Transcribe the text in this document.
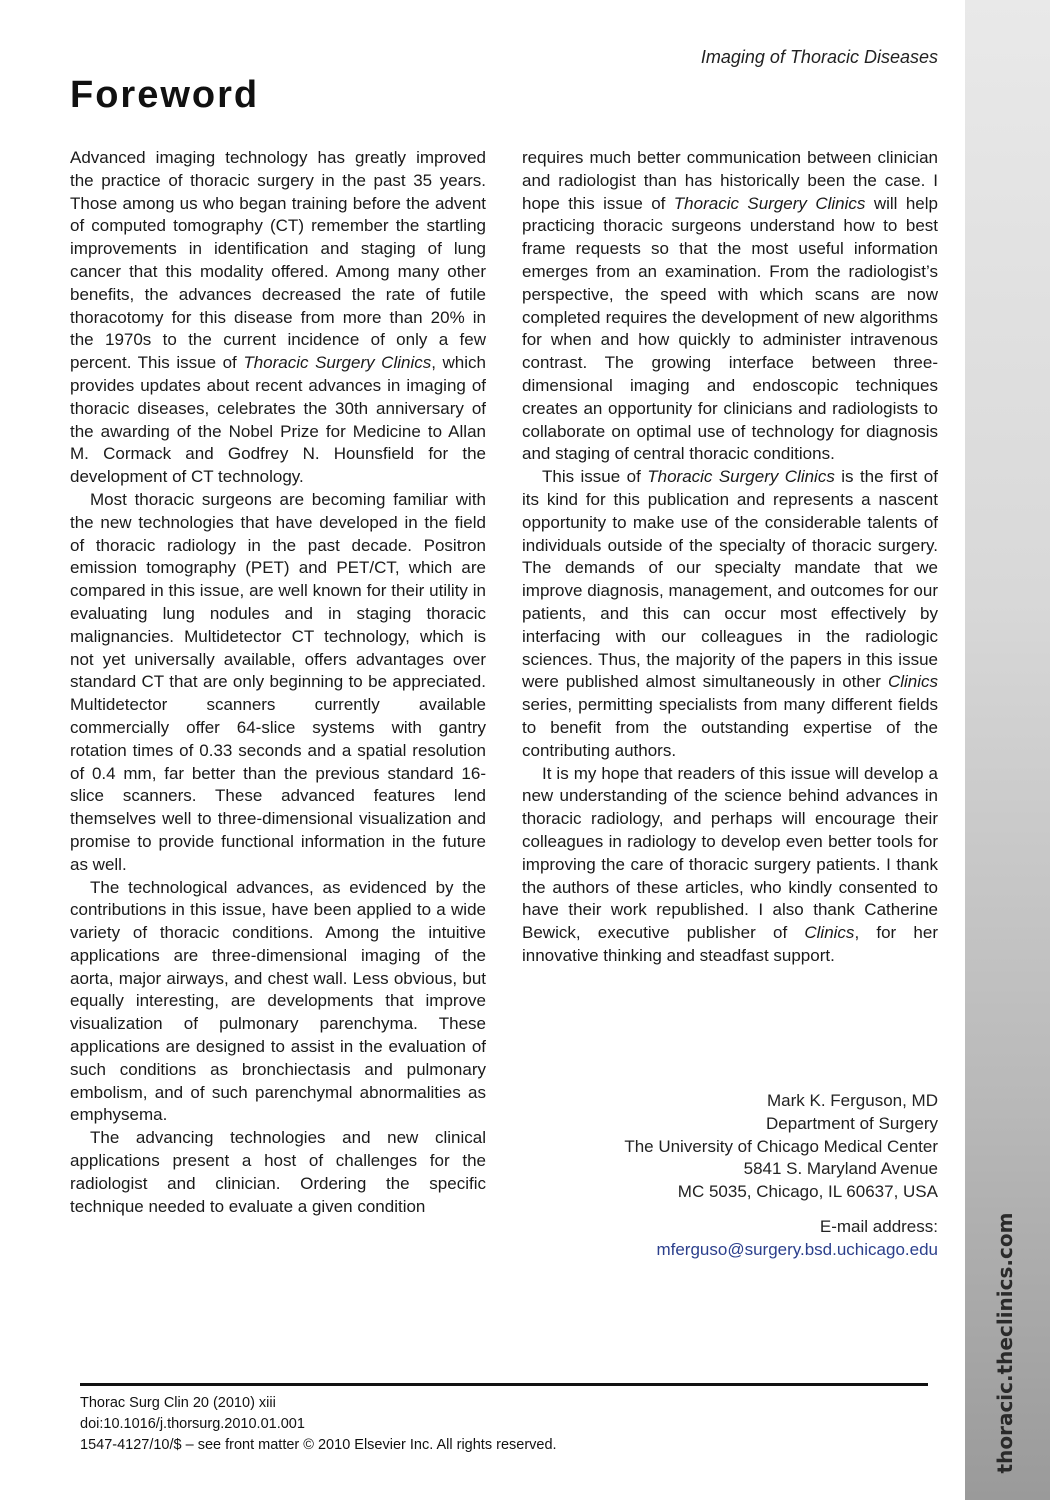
thoracic.theclinics.com
Imaging of Thoracic Diseases
Foreword

Advanced imaging technology has greatly improved the practice of thoracic surgery in the past 35 years. Those among us who began training before the advent of computed tomography (CT) remember the startling improvements in identification and staging of lung cancer that this modality offered. Among many other benefits, the advances decreased the rate of futile thoracotomy for this disease from more than 20% in the 1970s to the current incidence of only a few percent. This issue of Thoracic Surgery Clinics, which provides updates about recent advances in imaging of thoracic diseases, celebrates the 30th anniversary of the awarding of the Nobel Prize for Medicine to Allan M. Cormack and Godfrey N. Hounsfield for the development of CT technology.

Most thoracic surgeons are becoming familiar with the new technologies that have developed in the field of thoracic radiology in the past decade. Positron emission tomography (PET) and PET/CT, which are compared in this issue, are well known for their utility in evaluating lung nodules and in staging thoracic malignancies. Multidetector CT technology, which is not yet universally available, offers advantages over standard CT that are only beginning to be appreciated. Multidetector scanners currently available commercially offer 64-slice systems with gantry rotation times of 0.33 seconds and a spatial resolution of 0.4 mm, far better than the previous standard 16-slice scanners. These advanced features lend themselves well to three-dimensional visualization and promise to provide functional information in the future as well.

The technological advances, as evidenced by the contributions in this issue, have been applied to a wide variety of thoracic conditions. Among the intuitive applications are three-dimensional imaging of the aorta, major airways, and chest wall. Less obvious, but equally interesting, are developments that improve visualization of pulmonary parenchyma. These applications are designed to assist in the evaluation of such conditions as bronchiectasis and pulmonary embolism, and of such parenchymal abnormalities as emphysema.

The advancing technologies and new clinical applications present a host of challenges for the radiologist and clinician. Ordering the specific technique needed to evaluate a given condition

requires much better communication between clinician and radiologist than has historically been the case. I hope this issue of Thoracic Surgery Clinics will help practicing thoracic surgeons understand how to best frame requests so that the most useful information emerges from an examination. From the radiologist’s perspective, the speed with which scans are now completed requires the development of new algorithms for when and how quickly to administer intravenous contrast. The growing interface between three-dimensional imaging and endoscopic techniques creates an opportunity for clinicians and radiologists to collaborate on optimal use of technology for diagnosis and staging of central thoracic conditions.

This issue of Thoracic Surgery Clinics is the first of its kind for this publication and represents a nascent opportunity to make use of the considerable talents of individuals outside of the specialty of thoracic surgery. The demands of our specialty mandate that we improve diagnosis, management, and outcomes for our patients, and this can occur most effectively by interfacing with our colleagues in the radiologic sciences. Thus, the majority of the papers in this issue were published almost simultaneously in other Clinics series, permitting specialists from many different fields to benefit from the outstanding expertise of the contributing authors.

It is my hope that readers of this issue will develop a new understanding of the science behind advances in thoracic radiology, and perhaps will encourage their colleagues in radiology to develop even better tools for improving the care of thoracic surgery patients. I thank the authors of these articles, who kindly consented to have their work republished. I also thank Catherine Bewick, executive publisher of Clinics, for her innovative thinking and steadfast support.

Mark K. Ferguson, MD
Department of Surgery
The University of Chicago Medical Center
5841 S. Maryland Avenue
MC 5035, Chicago, IL 60637, USA
E-mail address:
mferguso@surgery.bsd.uchicago.edu
Thorac Surg Clin 20 (2010) xiii
doi:10.1016/j.thorsurg.2010.01.001
1547-4127/10/$ – see front matter © 2010 Elsevier Inc. All rights reserved.
